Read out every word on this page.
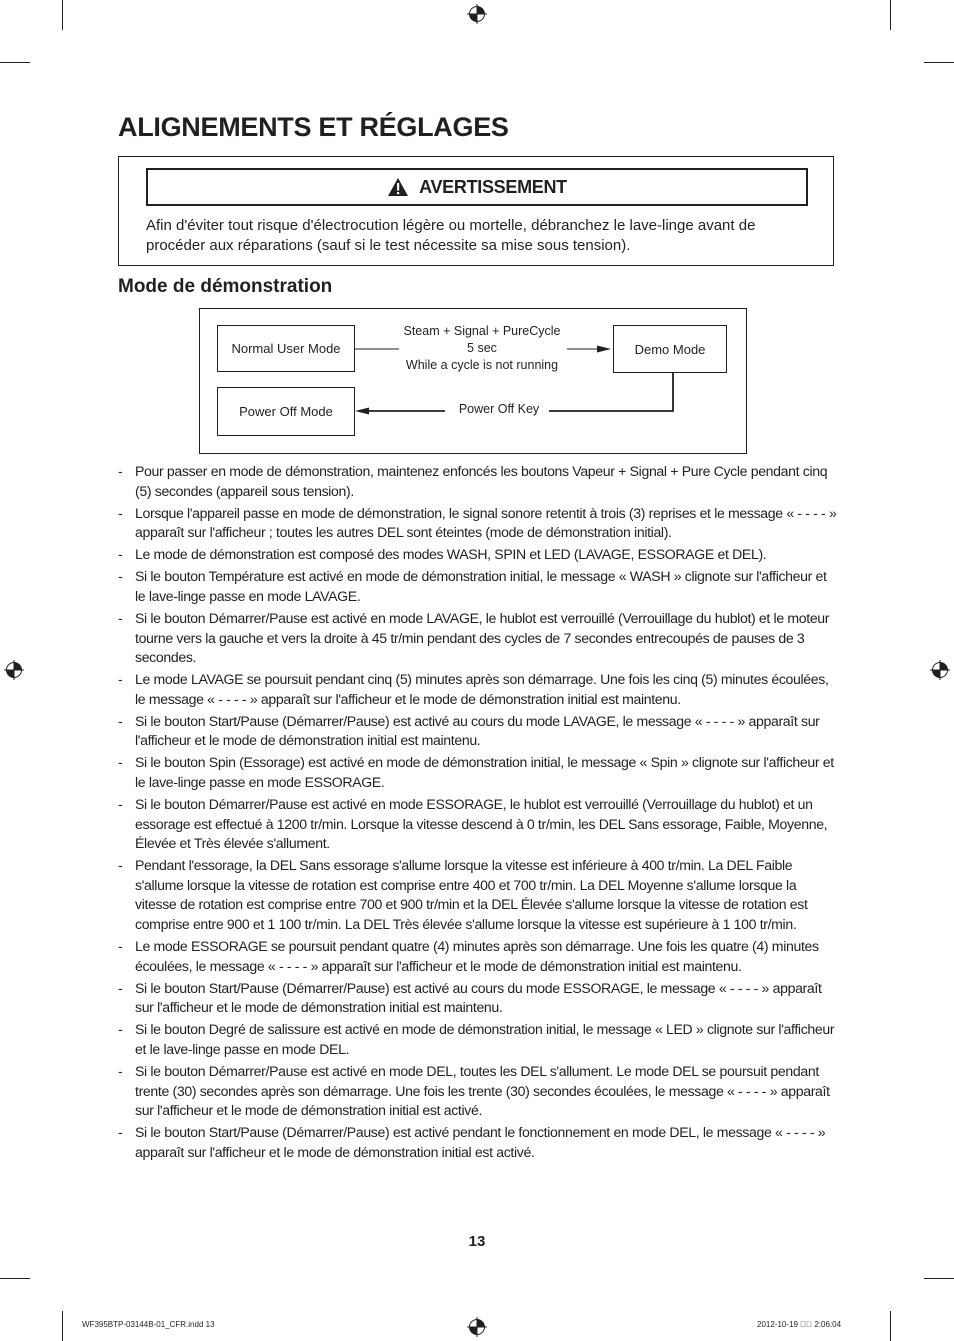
ALIGNEMENTS ET RÉGLAGES
AVERTISSEMENT

Afin d'éviter tout risque d'électrocution légère ou mortelle, débranchez le lave-linge avant de procéder aux réparations (sauf si le test nécessite sa mise sous tension).

Mode de démonstration
Normal User Mode	Demo Mode
Power Off Mode
Steam + Signal + PureCycle
5 sec
While a cycle is not running
Power Off Key
- Pour passer en mode de démonstration, maintenez enfoncés les boutons Vapeur + Signal + Pure Cycle pendant cinq (5) secondes (appareil sous tension).
- Lorsque l'appareil passe en mode de démonstration, le signal sonore retentit à trois (3) reprises et le message « - - - - » apparaît sur l'afficheur ; toutes les autres DEL sont éteintes (mode de démonstration initial).
- Le mode de démonstration est composé des modes WASH, SPIN et LED (LAVAGE, ESSORAGE et DEL).
- Si le bouton Température est activé en mode de démonstration initial, le message « WASH » clignote sur l'afficheur et le lave-linge passe en mode LAVAGE.
- Si le bouton Démarrer/Pause est activé en mode LAVAGE, le hublot est verrouillé (Verrouillage du hublot) et le moteur tourne vers la gauche et vers la droite à 45 tr/min pendant des cycles de 7 secondes entrecoupés de pauses de 3 secondes.
- Le mode LAVAGE se poursuit pendant cinq (5) minutes après son démarrage. Une fois les cinq (5) minutes écoulées, le message « - - - - » apparaît sur l'afficheur et le mode de démonstration initial est maintenu.
- Si le bouton Start/Pause (Démarrer/Pause) est activé au cours du mode LAVAGE, le message « - - - - » apparaît sur l'afficheur et le mode de démonstration initial est maintenu.
- Si le bouton Spin (Essorage) est activé en mode de démonstration initial, le message « Spin » clignote sur l'afficheur et le lave-linge passe en mode ESSORAGE.
- Si le bouton Démarrer/Pause est activé en mode ESSORAGE, le hublot est verrouillé (Verrouillage du hublot) et un essorage est effectué à 1200 tr/min. Lorsque la vitesse descend à 0 tr/min, les DEL Sans essorage, Faible, Moyenne, Élevée et Très élevée s'allument.
- Pendant l'essorage, la DEL Sans essorage s'allume lorsque la vitesse est inférieure à 400 tr/min. La DEL Faible s'allume lorsque la vitesse de rotation est comprise entre 400 et 700 tr/min. La DEL Moyenne s'allume lorsque la vitesse de rotation est comprise entre 700 et 900 tr/min et la DEL Élevée s'allume lorsque la vitesse de rotation est comprise entre 900 et 1 100 tr/min. La DEL Très élevée s'allume lorsque la vitesse est supérieure à 1 100 tr/min.
- Le mode ESSORAGE se poursuit pendant quatre (4) minutes après son démarrage. Une fois les quatre (4) minutes écoulées, le message « - - - - » apparaît sur l'afficheur et le mode de démonstration initial est maintenu.
- Si le bouton Start/Pause (Démarrer/Pause) est activé au cours du mode ESSORAGE, le message « - - - - » apparaît sur l'afficheur et le mode de démonstration initial est maintenu.
- Si le bouton Degré de salissure est activé en mode de démonstration initial, le message « LED » clignote sur l'afficheur et le lave-linge passe en mode DEL.
- Si le bouton Démarrer/Pause est activé en mode DEL, toutes les DEL s'allument. Le mode DEL se poursuit pendant trente (30) secondes après son démarrage. Une fois les trente (30) secondes écoulées, le message « - - - - » apparaît sur l'afficheur et le mode de démonstration initial est activé.
- Si le bouton Start/Pause (Démarrer/Pause) est activé pendant le fonctionnement en mode DEL, le message « - - - - » apparaît sur l'afficheur et le mode de démonstration initial est activé.
13
WF395BTP-03144B-01_CFR.indd 13	2012-10-19 ￿￿ 2:06:04
